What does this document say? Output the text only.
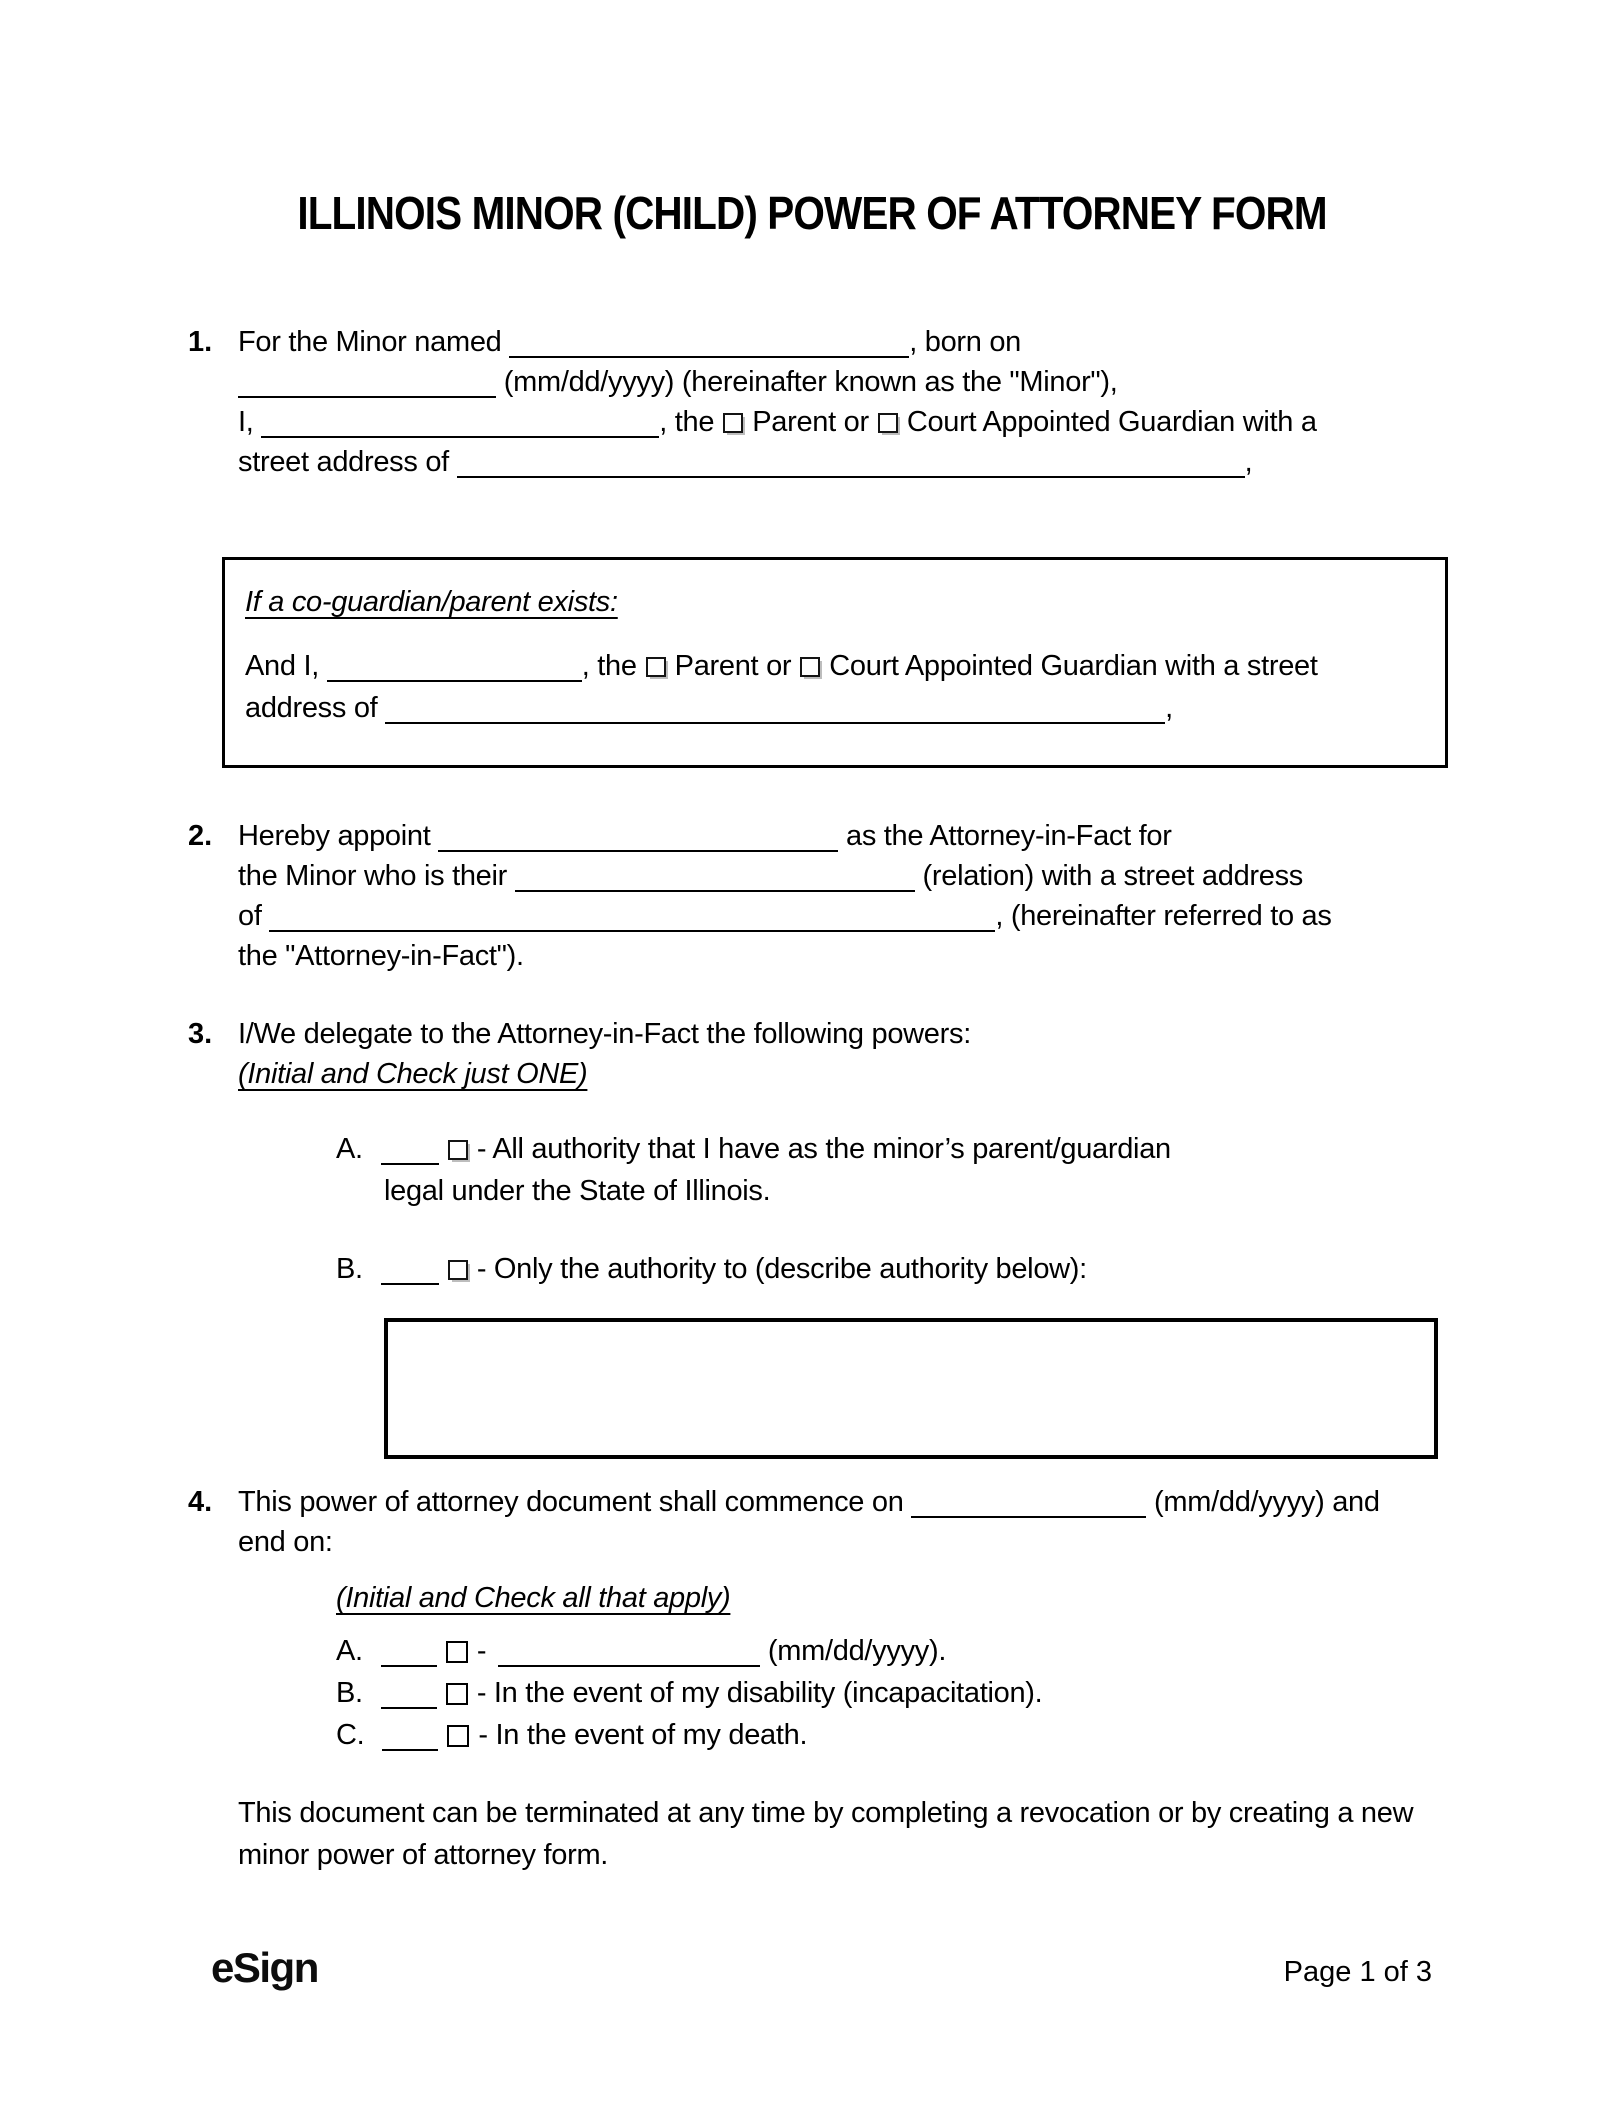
ILLINOIS MINOR (CHILD) POWER OF ATTORNEY FORM
1. For the Minor named	, born on
(mm/dd/yyyy) (hereinafter known as the "Minor"),
I,	, the Parent or Court Appointed Guardian with a
street address of	,
If a co-guardian/parent exists:
And I,	, the Parent or Court Appointed Guardian with a street
address of	,
2. Hereby appoint	as the Attorney-in-Fact for
the Minor who is their	(relation) with a street address
of	, (hereinafter referred to as
the "Attorney-in-Fact").
3. I/We delegate to the Attorney-in-Fact the following powers:
(Initial and Check just ONE)
A.	- All authority that I have as the minor’s parent/guardian
legal under the State of Illinois.
B.	- Only the authority to (describe authority below):
4. This power of attorney document shall commence on	(mm/dd/yyyy) and
end on:
(Initial and Check all that apply)
A.	-	(mm/dd/yyyy).
B.	- In the event of my disability (incapacitation).
C.	- In the event of my death.
This document can be terminated at any time by completing a revocation or by creating a new minor power of attorney form.
eSign	Page 1 of 3
